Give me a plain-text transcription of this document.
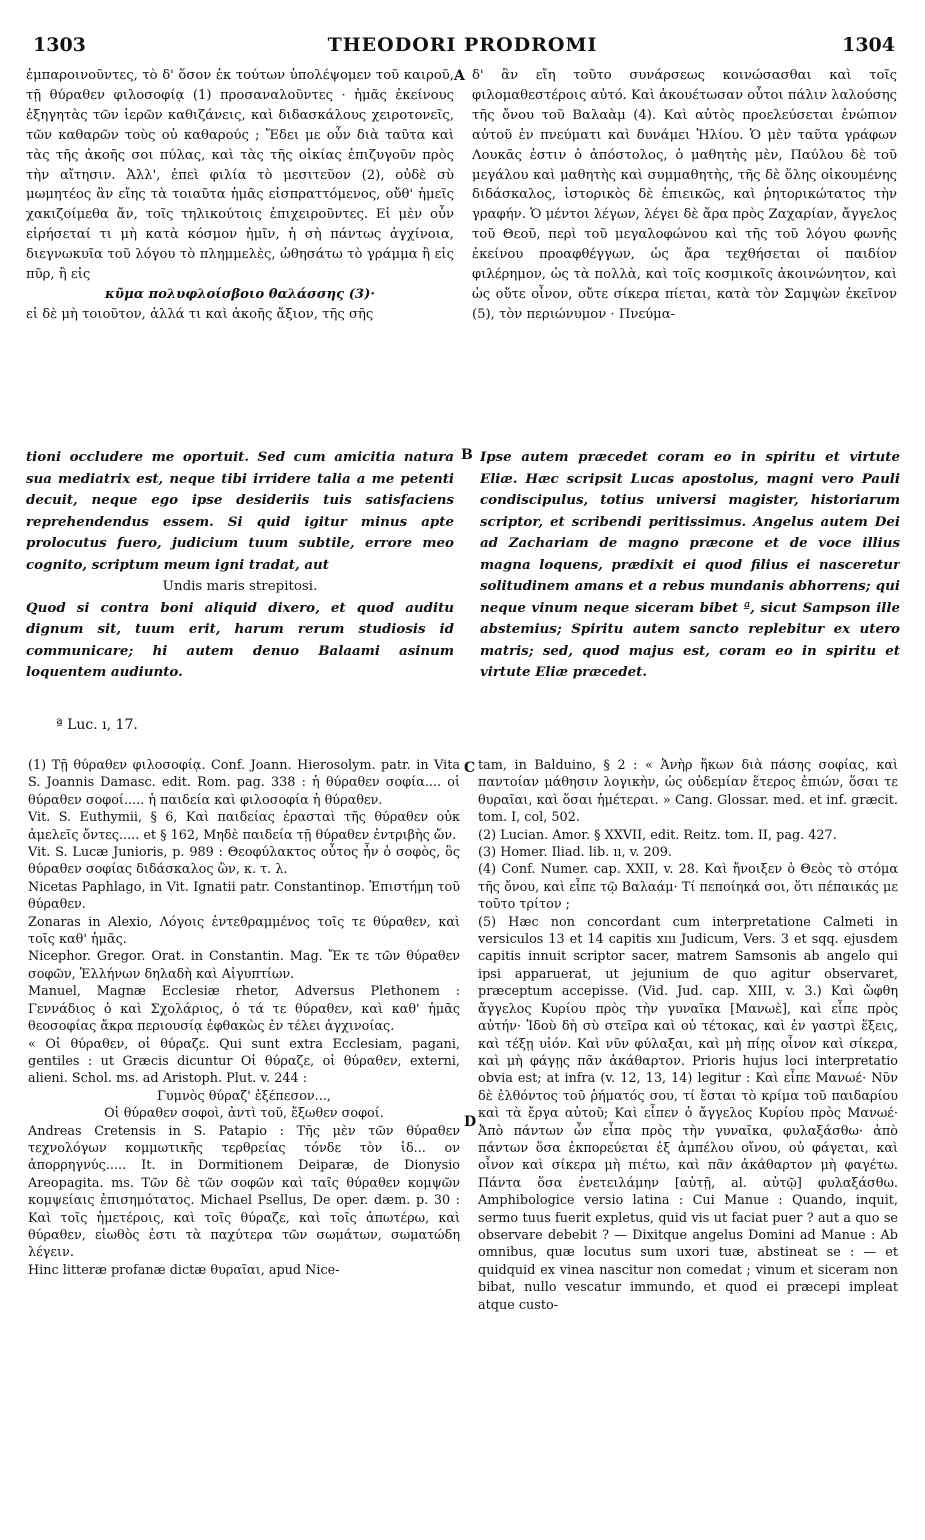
1303	THEODORI PRODROMI	1304
A
B
C
D

ἐμπαροινοῦντες, τὸ δ' ὅσον ἐκ τούτων ὑπολέψομεν τοῦ καιροῦ, τῇ θύραθεν φιλοσοφίᾳ (1) προσαναλοῦντες · ἡμᾶς ἐκείνους ἐξηγητὰς τῶν ἱερῶν καθιζάνεις, καὶ διδασκάλους χειροτονεῖς, τῶν καθαρῶν τοὺς οὐ καθαρούς ; Ἔδει με οὖν διὰ ταῦτα καὶ τὰς τῆς ἀκοῆς σοι πύλας, καὶ τὰς τῆς οἰκίας ἐπιζυγοῦν πρὸς τὴν αἴτησιν. Ἀλλ', ἐπεὶ φιλία τὸ μεσιτεῦον (2), οὐδὲ σὺ μωμητέος ἂν εἴης τὰ τοιαῦτα ἡμᾶς εἰσπραττόμενος, οὔθ' ἡμεῖς χακιζοίμεθα ἄν, τοῖς τηλικούτοις ἐπιχειροῦντες. Εἰ μὲν οὖν εἰρήσεταί τι μὴ κατὰ κόσμον ἡμῖν, ἡ σὴ πάντως ἀγχίνοια, διεγνωκυῖα τοῦ λόγου τὸ πλημμελὲς, ὠθησάτω τὸ γράμμα ἢ εἰς πῦρ, ἢ εἰς

κῦμα πολυφλοίσβοιο θαλάσσης (3)·

εἰ δὲ μὴ τοιοῦτον, ἀλλά τι καὶ ἀκοῆς ἄξιον, τῆς σῆς

δ' ἂν εἴη τοῦτο συνάρσεως κοινώσασθαι καὶ τοῖς φιλομαθεστέροις αὐτό. Καὶ ἀκουέτωσαν οὗτοι πάλιν λαλούσης τῆς ὄνου τοῦ Βαλαὰμ (4). Καὶ αὐτὸς προελεύσεται ἐνώπιον αὐτοῦ ἐν πνεύματι καὶ δυνάμει Ἠλίου. Ὁ μὲν ταῦτα γράφων Λουκᾶς ἐστιν ὁ ἀπόστολος, ὁ μαθητὴς μὲν, Παύλου δὲ τοῦ μεγάλου καὶ μαθητὴς καὶ συμμαθητὴς, τῆς δὲ ὅλης οἰκουμένης διδάσκαλος, ἱστορικὸς δὲ ἐπιεικῶς, καὶ ῥητορικώτατος τὴν γραφήν. Ὁ μέντοι λέγων, λέγει δὲ ἄρα πρὸς Ζαχαρίαν, ἄγγελος τοῦ Θεοῦ, περὶ τοῦ μεγαλοφώνου καὶ τῆς τοῦ λόγου φωνῆς ἐκείνου προαφθέγγων, ὡς ἄρα τεχθήσεται οἱ παιδίον φιλέρημον, ὡς τὰ πολλὰ, καὶ τοῖς κοσμικοῖς ἀκοινώνητον, καὶ ὡς οὔτε οἶνον, οὔτε σίκερα πίεται, κατὰ τὸν Σαμψὼν ἐκεῖνον (5), τὸν περιώνυμον · Πνεύμα-

tioni occludere me oportuit. Sed cum amicitia natura sua mediatrix est, neque tibi irridere talia a me petenti decuit, neque ego ipse desideriis tuis satisfaciens reprehendendus essem. Si quid igitur minus apte prolocutus fuero, judicium tuum subtile, errore meo cognito, scriptum meum igni tradat, aut

Undis maris strepitosi.

Quod si contra boni aliquid dixero, et quod auditu dignum sit, tuum erit, harum rerum studiosis id communicare; hi autem denuo Balaami asinum loquentem audiunto.

Ipse autem præcedet coram eo in spiritu et virtute Eliæ. Hæc scripsit Lucas apostolus, magni vero Pauli condiscipulus, totius universi magister, historiarum scriptor, et scribendi peritissimus. Angelus autem Dei ad Zachariam de magno præcone et de voce illius magna loquens, prædixit ei quod filius ei nasceretur solitudinem amans et a rebus mundanis abhorrens; qui neque vinum neque siceram bibet ª, sicut Sampson ille abstemius; Spiritu autem sancto replebitur ex utero matris; sed, quod majus est, coram eo in spiritu et virtute Eliæ præcedet.

ª Luc. ı, 17.

(1) Τῇ θύραθεν φιλοσοφίᾳ. Conf. Joann. Hierosolym. patr. in Vita S. Joannis Damasc. edit. Rom. pag. 338 : ἡ θύραθεν σοφία.... οἱ θύραθεν σοφοί..... ἡ παιδεία καὶ φιλοσοφία ἡ θύραθεν.

Vit. S. Euthymii, § 6, Καὶ παιδείας ἐρασταὶ τῆς θύραθεν οὐκ ἀμελεῖς ὄντες..... et § 162, Μηδὲ παιδεία τῇ θύραθεν ἐντριβὴς ὤν.

Vit. S. Lucæ Junioris, p. 989 : Θεοφύλακτος οὗτος ἦν ὁ σοφὸς, ὃς θύραθεν σοφίας διδάσκαλος ὢν, κ. τ. λ.

Nicetas Paphlago, in Vit. Ignatii patr. Constantinop. Ἐπιστήμη τοῦ θύραθεν.

Zonaras in Alexio, Λόγοις ἐντεθραμμένος τοῖς τε θύραθεν, καὶ τοῖς καθ' ἡμᾶς.

Nicephor. Gregor. Orat. in Constantin. Mag. Ἔκ τε τῶν θύραθεν σοφῶν, Ἑλλήνων δηλαδὴ καὶ Αἰγυπτίων.

Manuel, Magnæ Ecclesiæ rhetor, Adversus Plethonem : Γεννάδιος ὁ καὶ Σχολάριος, ὁ τά τε θύραθεν, καὶ καθ' ἡμᾶς θεοσοφίας ἄκρα περιουσίᾳ ἐφθακὼς ἐν τέλει ἀγχινοίας.

« Οἱ θύραθεν, οἱ θύραζε. Qui sunt extra Ecclesiam, pagani, gentiles : ut Græcis dicuntur Οἱ θύραζε, οἱ θύραθεν, externi, alieni. Schol. ms. ad Aristoph. Plut. v. 244 :

Γυμνὸς θύραζ' ἐξέπεσον...,

Οἱ θύραθεν σοφοὶ, ἀντὶ τοῦ, ἔξωθεν σοφοί.

Andreas Cretensis in S. Patapio : Τῆς μὲν τῶν θύραθεν τεχνολόγων κομμωτικῆς τερθρείας τόνδε τὸν ἱδ... ον ἀπορρηγνύς..... It. in Dormitionem Deiparæ, de Dionysio Areopagita. ms. Τῶν δὲ τῶν σοφῶν καὶ ταῖς θύραθεν κομψῶν κομψείαις ἐπισημότατος. Michael Psellus, De oper. dæm. p. 30 : Καὶ τοῖς ἡμετέροις, καὶ τοῖς θύραζε, καὶ τοῖς ἀπωτέρω, καὶ θύραθεν, εἰωθὸς ἐστι τὰ παχύτερα τῶν σωμάτων, σωματώδη λέγειν.

Hinc litteræ profanæ dictæ θυραῖαι, apud Nice-

tam, in Balduino, § 2 : « Ἀνὴρ ἥκων διὰ πάσης σοφίας, καὶ παντοίαν μάθησιν λογικὴν, ὡς οὐδεμίαν ἕτερος ἐπιών, ὅσαι τε θυραῖαι, καὶ ὅσαι ἡμέτεραι. » Cang. Glossar. med. et inf. græcit. tom. I, col, 502.

(2) Lucian. Amor. § XXVII, edit. Reitz. tom. II, pag. 427.

(3) Homer. Iliad. lib. ıı, v. 209.

(4) Conf. Numer. cap. XXII, v. 28. Καὶ ἤνοιξεν ὁ Θεὸς τὸ στόμα τῆς ὄνου, καὶ εἶπε τῷ Βαλαάμ· Τί πεποίηκά σοι, ὅτι πέπαικάς με τοῦτο τρίτον ;

(5) Hæc non concordant cum interpretatione Calmeti in versiculos 13 et 14 capitis xııı Judicum, Vers. 3 et sqq. ejusdem capitis innuit scriptor sacer, matrem Samsonis ab angelo qui ipsi apparuerat, ut jejunium de quo agitur observaret, præceptum accepisse. (Vid. Jud. cap. XIII, v. 3.) Καὶ ὤφθη ἄγγελος Κυρίου πρὸς τὴν γυναῖκα [Μανωὲ], καὶ εἶπε πρὸς αὐτήν· Ἰδοὺ δὴ σὺ στεῖρα καὶ οὐ τέτοκας, καὶ ἐν γαστρὶ ἕξεις, καὶ τέξῃ υἱόν. Καὶ νῦν φύλαξαι, καὶ μὴ πίῃς οἶνον καὶ σίκερα, καὶ μὴ φάγῃς πᾶν ἀκάθαρτον. Prioris hujus loci interpretatio obvia est; at infra (v. 12, 13, 14) legitur : Καὶ εἶπε Μανωέ· Νῦν δὲ ἐλθόντος τοῦ ῥήματός σου, τί ἔσται τὸ κρίμα τοῦ παιδαρίου καὶ τὰ ἔργα αὐτοῦ; Καὶ εἶπεν ὁ ἄγγελος Κυρίου πρὸς Μανωέ· Ἀπὸ πάντων ὧν εἶπα πρὸς τὴν γυναῖκα, φυλαξάσθω· ἀπὸ πάντων ὅσα ἐκπορεύεται ἐξ ἀμπέλου οἴνου, οὐ φάγεται, καὶ οἶνον καὶ σίκερα μὴ πιέτω, καὶ πᾶν ἀκάθαρτον μὴ φαγέτω. Πάντα ὅσα ἐνετειλάμην [αὐτῇ, al. αὐτῷ] φυλαξάσθω. Amphibologice versio latina : Cui Manue : Quando, inquit, sermo tuus fuerit expletus, quid vis ut faciat puer ? aut a quo se observare debebit ? — Dixitque angelus Domini ad Manue : Ab omnibus, quæ locutus sum uxori tuæ, abstineat se : — et quidquid ex vinea nascitur non comedat ; vinum et siceram non bibat, nullo vescatur immundo, et quod ei præcepi impleat atque custo-
